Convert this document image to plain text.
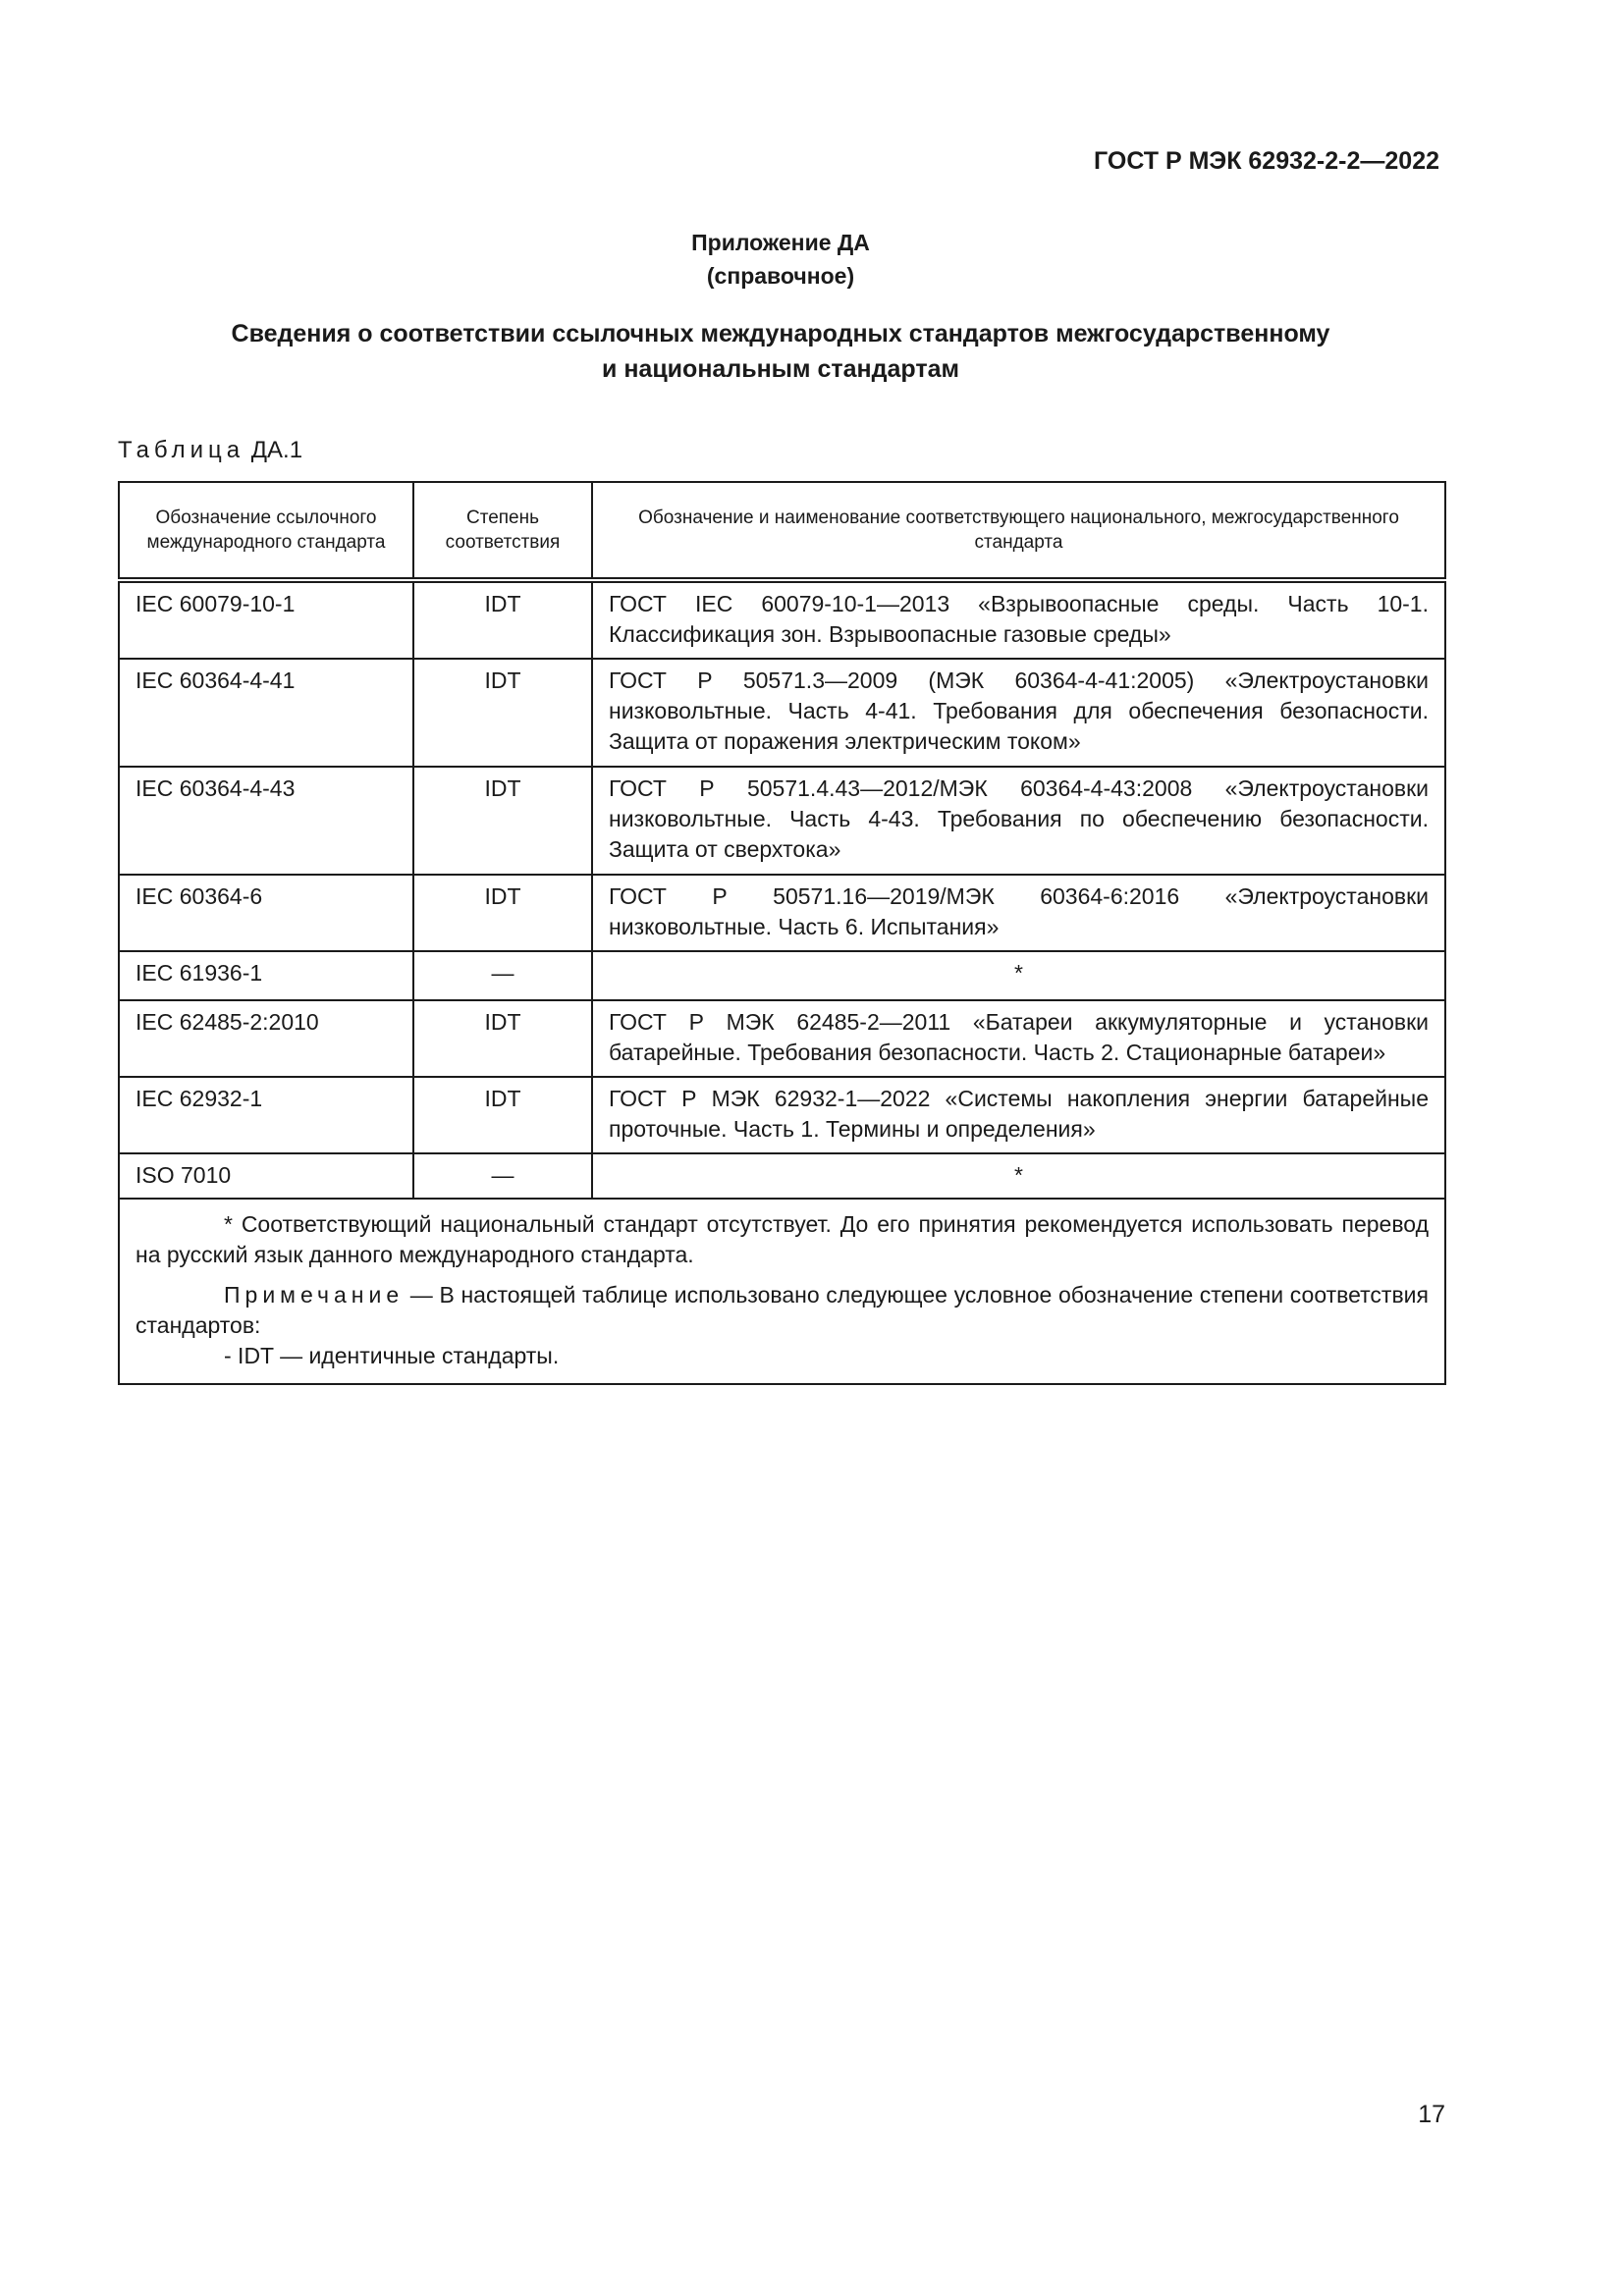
ГОСТ Р МЭК 62932-2-2—2022
Приложение ДА
(справочное)
Сведения о соответствии ссылочных международных стандартов межгосударственному
и национальным стандартам
Таблица ДА.1
Обозначение ссылочного международного стандарта	Степень соответствия	Обозначение и наименование соответствующего национального, межгосударственного стандарта
IEC 60079-10-1	IDT	ГОСТ IEC 60079-10-1—2013 «Взрывоопасные среды. Часть 10-1. Классификация зон. Взрывоопасные газовые среды»
IEC 60364-4-41	IDT	ГОСТ Р 50571.3—2009 (МЭК 60364-4-41:2005) «Электроустановки низковольтные. Часть 4-41. Требования для обеспечения безопасности. Защита от поражения электрическим током»
IEC 60364-4-43	IDT	ГОСТ Р 50571.4.43—2012/МЭК 60364-4-43:2008 «Электроустановки низковольтные. Часть 4-43. Требования по обеспечению безопасности. Защита от сверхтока»
IEC 60364-6	IDT	ГОСТ Р 50571.16—2019/МЭК 60364-6:2016 «Электроустановки низковольтные. Часть 6. Испытания»
IEC 61936-1	—	*
IEC 62485-2:2010	IDT	ГОСТ Р МЭК 62485-2—2011 «Батареи аккумуляторные и установки батарейные. Требования безопасности. Часть 2. Стационарные батареи»
IEC 62932-1	IDT	ГОСТ Р МЭК 62932-1—2022 «Системы накопления энергии батарейные проточные. Часть 1. Термины и определения»
ISO 7010	—	*

* Соответствующий национальный стандарт отсутствует. До его принятия рекомендуется использовать перевод на русский язык данного международного стандарта.
Примечание — В настоящей таблице использовано следующее условное обозначение степени соответствия стандартов:
- IDT — идентичные стандарты.		
17
